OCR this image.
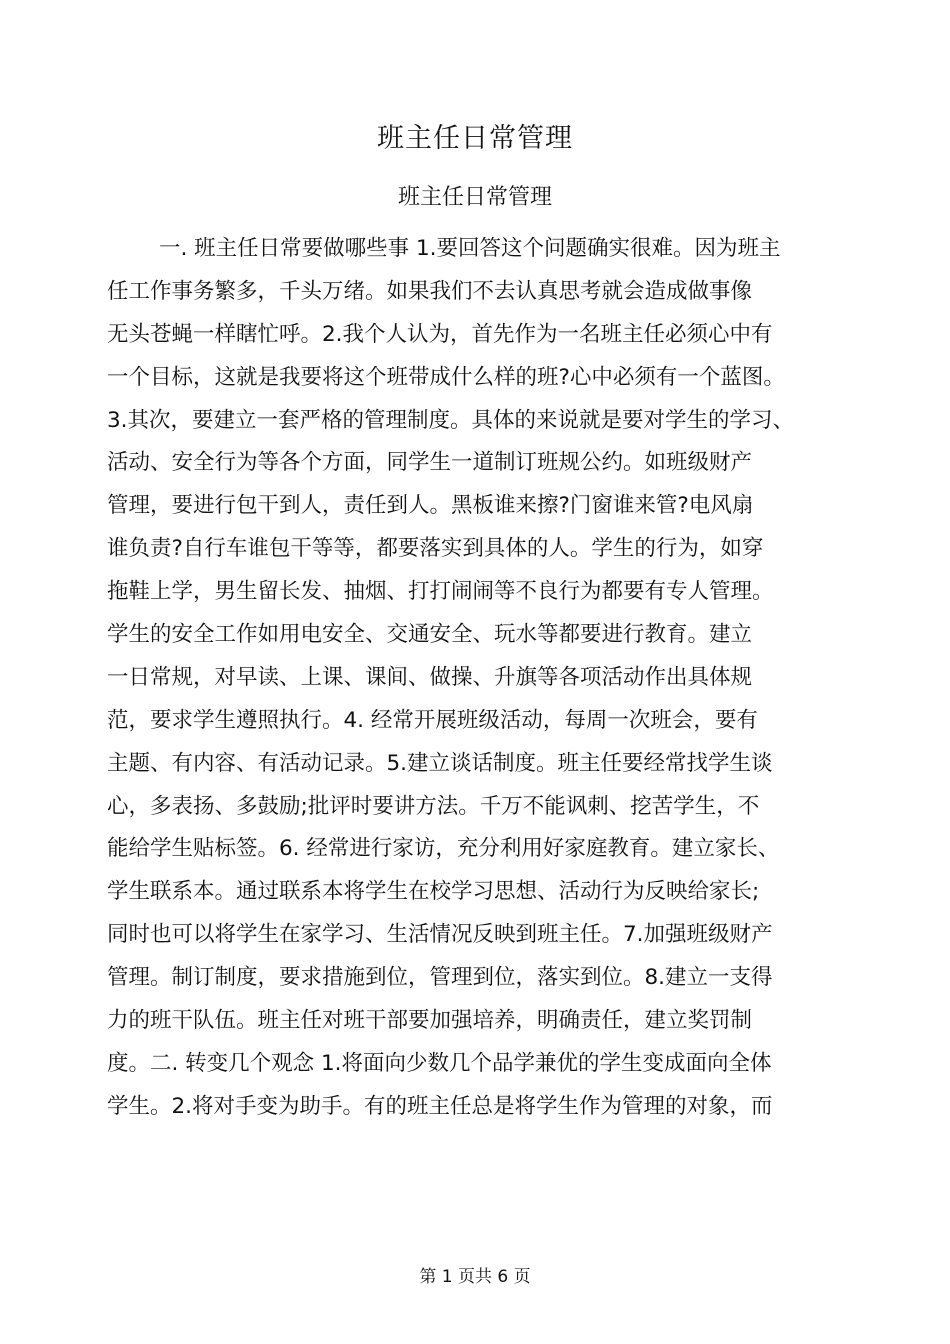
班主任日常管理
班主任日常管理
一. 班主任日常要做哪些事 1.要回答这个问题确实很难。因为班主
任工作事务繁多，千头万绪。如果我们不去认真思考就会造成做事像
无头苍蝇一样瞎忙呼。2.我个人认为，首先作为一名班主任必须心中有
一个目标，这就是我要将这个班带成什么样的班?心中必须有一个蓝图。
3.其次，要建立一套严格的管理制度。具体的来说就是要对学生的学习、
活动、安全行为等各个方面，同学生一道制订班规公约。如班级财产
管理，要进行包干到人，责任到人。黑板谁来擦?门窗谁来管?电风扇
谁负责?自行车谁包干等等，都要落实到具体的人。学生的行为，如穿
拖鞋上学，男生留长发、抽烟、打打闹闹等不良行为都要有专人管理。
学生的安全工作如用电安全、交通安全、玩水等都要进行教育。建立
一日常规，对早读、上课、课间、做操、升旗等各项活动作出具体规
范，要求学生遵照执行。4. 经常开展班级活动，每周一次班会，要有
主题、有内容、有活动记录。5.建立谈话制度。班主任要经常找学生谈
心，多表扬、多鼓励;批评时要讲方法。千万不能讽刺、挖苦学生，不
能给学生贴标签。6. 经常进行家访，充分利用好家庭教育。建立家长、
学生联系本。通过联系本将学生在校学习思想、活动行为反映给家长;
同时也可以将学生在家学习、生活情况反映到班主任。7.加强班级财产
管理。制订制度，要求措施到位，管理到位，落实到位。8.建立一支得
力的班干队伍。班主任对班干部要加强培养，明确责任，建立奖罚制
度。二. 转变几个观念 1.将面向少数几个品学兼优的学生变成面向全体
学生。2.将对手变为助手。有的班主任总是将学生作为管理的对象，而
第 1 页共 6 页
